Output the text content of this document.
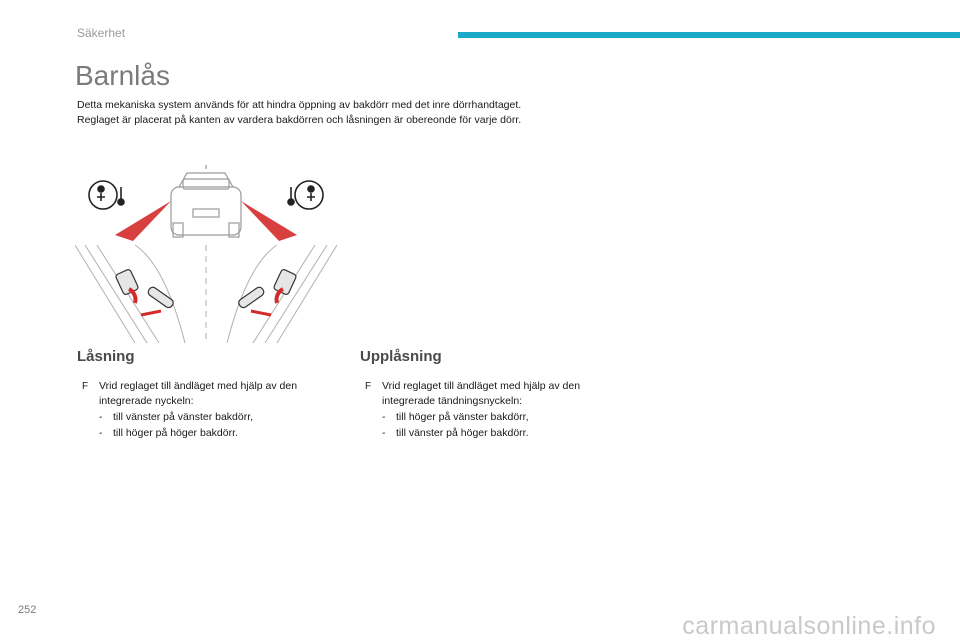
Säkerhet
Barnlås

Detta mekaniska system används för att hindra öppning av bakdörr med det inre dörrhandtaget.

Reglaget är placerat på kanten av vardera bakdörren och låsningen är obereonde för varje dörr.

Låsning
F Vrid reglaget till ändläget med hjälp av den integrerade nyckeln:
- till vänster på vänster bakdörr,
- till höger på höger bakdörr.
Upplåsning
F Vrid reglaget till ändläget med hjälp av den integrerade tändningsnyckeln:
- till höger på vänster bakdörr,
- till vänster på höger bakdörr.
252
carmanualsonline.info
